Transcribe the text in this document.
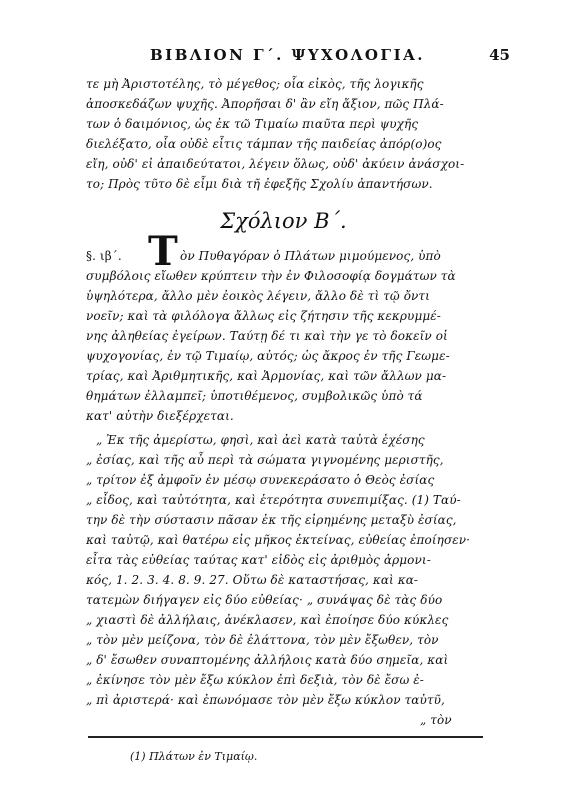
ΒΙΒΛΙΟΝ Γ΄. ΨΥΧΟΛΟΓΙΑ.	45
τε μὴ Ἀριστοτέλης, τὸ μέγεθος; οἷα εἰκὸς, τῆς λογικῆς
ἀποσκεδάζων ψυχῆς. Ἀπορῆσαι δ' ἂν εἴη ἄξιον, πῶς Πλά-
των ὁ δαιμόνιος, ὡς ἐκ τῶ Τιμαίω πιαῦτα περὶ ψυχῆς
διελέξατο, οἷα οὐδὲ εἶτις τάμπαν τῆς παιδείας ἀπόρ(ο)ος
εἴη, οὐδ' εἰ ἀπαιδεύτατοι, λέγειν ὅλως, οὐδ' ἀκύειν ἀνάσχοι-
το; Πρὸς τῦτο δὲ εἶμι διὰ τῆ ἐφεξῆς Σχολίυ ἀπαντήσων.
Σχόλιον Β΄.
§. ιβ΄. Τ ὸν Πυθαγόραν ὁ Πλάτων μιμούμενος, ὑπὸ
συμβόλοις εἴωθεν κρύπτειν τὴν ἐν Φιλοσοφίᾳ δογμάτων τὰ
ὑψηλότερα, ἄλλο μὲν ἐοικὸς λέγειν, ἄλλο δὲ τὶ τῷ ὄντι
νοεῖν; καὶ τὰ φιλόλογα ἄλλως εἰς ζήτησιν τῆς κεκρυμμέ-
νης ἀληθείας ἐγείρων. Ταύτῃ δέ τι καὶ τὴν γε τὸ δοκεῖν οἱ
ψυχογονίας, ἐν τῷ Τιμαίῳ, αὐτός; ὡς ἄκρος ἐν τῆς Γεωμε-
τρίας, καὶ Ἀριθμητικῆς, καὶ Ἁρμονίας, καὶ τῶν ἄλλων μα-
θημάτων ἐλλαμπεῖ; ὑποτιθέμενος, συμβολικῶς ὑπὸ τά
κατ' αὐτὴν διεξέρχεται.
„ Ἐκ τῆς ἀμερίστω, φησὶ, καὶ ἀεὶ κατὰ ταὐτὰ ἐχέσης
„ ἐσίας, καὶ τῆς αὖ περὶ τὰ σώματα γιγνομένης μεριστῆς,
„ τρίτον ἐξ ἀμφοῖν ἐν μέσῳ συνεκεράσατο ὁ Θεὸς ἐσίας
„ εἶδος, καὶ ταὐτότητα, καὶ ἑτερότητα συνεπιμίξας. (1) Ταύ-
την δὲ τὴν σύστασιν πᾶσαν ἐκ τῆς εἰρημένης μεταξὺ ἐσίας,
καὶ ταὐτῷ, καὶ θατέρω εἰς μῆκος ἐκτείνας, εὐθείας ἐποίησεν·
εἶτα τὰς εὐθείας ταύτας κατ' εἰδὸς εἰς ἀριθμὸς ἁρμονι-
κός, 1. 2. 3. 4. 8. 9. 27. Οὕτω δὲ καταστήσας, καὶ κα-
τατεμὼν διήγαγεν εἰς δύο εὐθείας· „ συνάψας δὲ τὰς δύο
„ χιαστὶ δὲ ἀλλήλαις, ἀνέκλασεν, καὶ ἐποίησε δύο κύκλες
„ τὸν μὲν μείζονα, τὸν δὲ ἐλάττονα, τὸν μὲν ἔξωθεν, τὸν
„ δ' ἔσωθεν συναπτομένης ἀλλήλοις κατὰ δύο σημεῖα, καὶ
„ ἐκίνησε τὸν μὲν ἔξω κύκλον ἐπὶ δεξιὰ, τὸν δὲ ἔσω ἐ-
„ πὶ ἀριστερά· καὶ ἐπωνόμασε τὸν μὲν ἔξω κύκλον ταὐτῦ,
„ τὸν
(1) Πλάτων ἐν Τιμαίῳ.
